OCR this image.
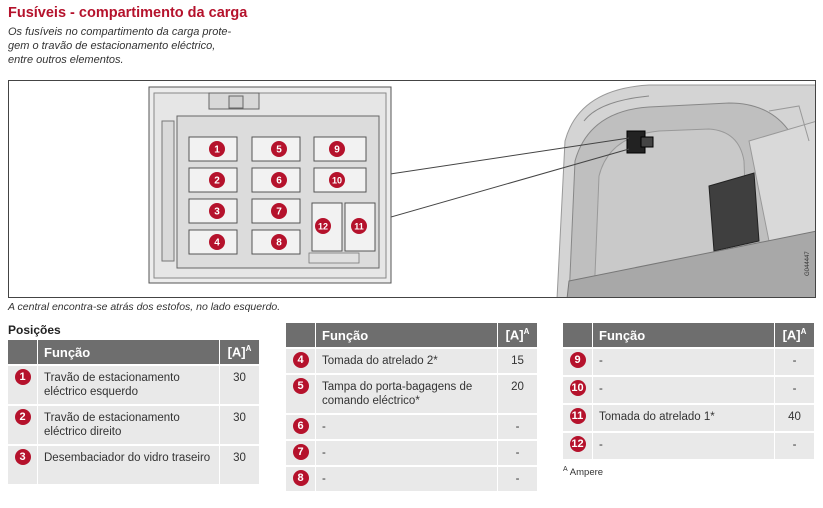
Fusíveis - compartimento da carga
Os fusíveis no compartimento da carga prote-
gem o travão de estacionamento eléctrico,
entre outros elementos.
1
2
3
4
5
6
7
8
9
10
12	11
G044447
A central encontra-se atrás dos estofos, no lado esquerdo.
Posições
	Função	$[A]^A$
1	Travão de estacionamento eléctrico esquerdo	30
2	Travão de estacionamento eléctrico direito	30
3	Desembaciador do vidro traseiro	30
	Função	$[A]^A$
4	Tomada do atrelado 2*	15
5	Tampa do porta-bagagens de comando eléctrico*	20
6	-	-
7	-	-
8	-	-
	Função	$[A]^A$
9	-	-
10	-	-
11	Tomada do atrelado 1*	40
12	-	-
$^A$ Ampere
